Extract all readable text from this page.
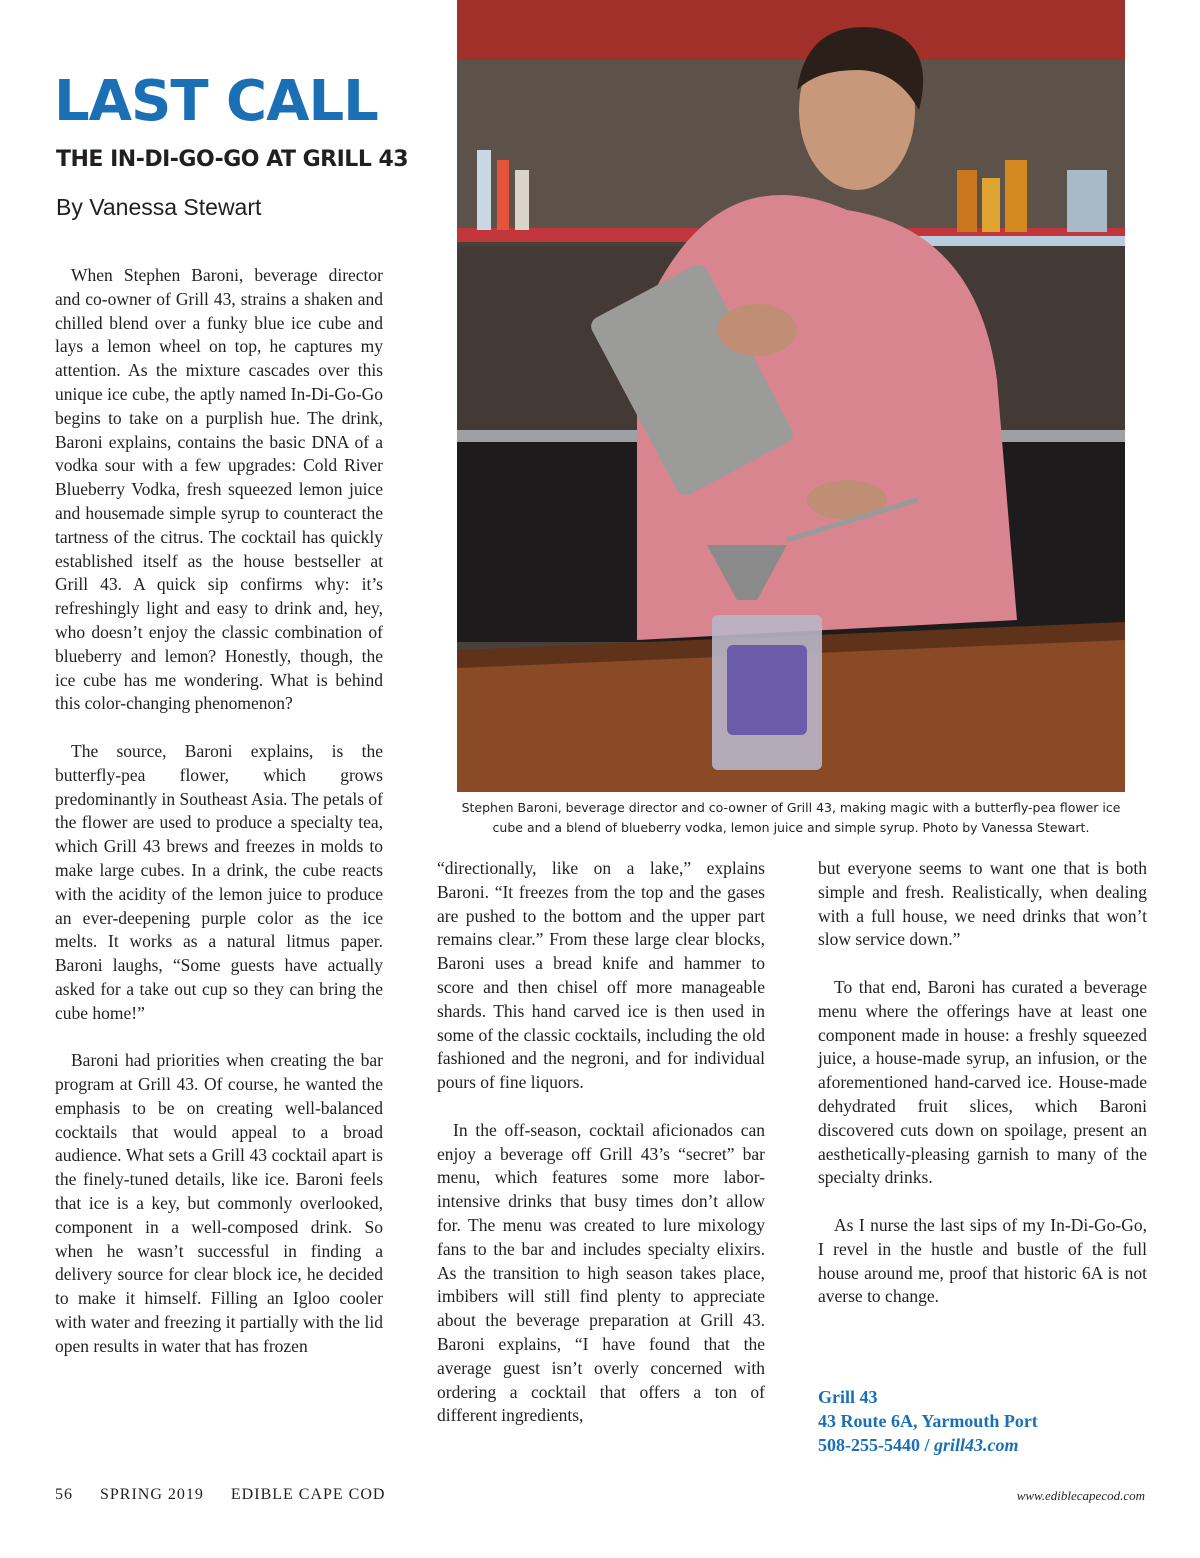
LAST CALL
THE IN-DI-GO-GO AT GRILL 43
By Vanessa Stewart
Stephen Baroni, beverage director and co-owner of Grill 43, making magic with a butterfly-pea flower ice
cube and a blend of blueberry vodka, lemon juice and simple syrup. Photo by Vanessa Stewart.

When Stephen Baroni, beverage director and co-owner of Grill 43, strains a shaken and chilled blend over a funky blue ice cube and lays a lemon wheel on top, he captures my attention. As the mixture cascades over this unique ice cube, the aptly named In-Di-Go-Go begins to take on a purplish hue. The drink, Baroni explains, contains the basic DNA of a vodka sour with a few upgrades: Cold River Blueberry Vodka, fresh squeezed lemon juice and housemade simple syrup to counteract the tartness of the citrus. The cocktail has quickly established itself as the house bestseller at Grill 43. A quick sip confirms why: it’s refreshingly light and easy to drink and, hey, who doesn’t enjoy the classic combination of blueberry and lemon? Honestly, though, the ice cube has me wondering. What is behind this color-changing phenomenon?

The source, Baroni explains, is the butterfly-pea flower, which grows predominantly in Southeast Asia. The petals of the flower are used to produce a specialty tea, which Grill 43 brews and freezes in molds to make large cubes. In a drink, the cube reacts with the acidity of the lemon juice to produce an ever-deepening purple color as the ice melts. It works as a natural litmus paper. Baroni laughs, “Some guests have actually asked for a take out cup so they can bring the cube home!”

Baroni had priorities when creating the bar program at Grill 43. Of course, he wanted the emphasis to be on creating well-balanced cocktails that would appeal to a broad audience. What sets a Grill 43 cocktail apart is the finely-tuned details, like ice. Baroni feels that ice is a key, but commonly overlooked, component in a well-composed drink. So when he wasn’t successful in finding a delivery source for clear block ice, he decided to make it himself. Filling an Igloo cooler with water and freezing it partially with the lid open results in water that has frozen

“directionally, like on a lake,” explains Baroni. “It freezes from the top and the gases are pushed to the bottom and the upper part remains clear.” From these large clear blocks, Baroni uses a bread knife and hammer to score and then chisel off more manageable shards. This hand carved ice is then used in some of the classic cocktails, including the old fashioned and the negroni, and for individual pours of fine liquors.

In the off-season, cocktail aficionados can enjoy a beverage off Grill 43’s “secret” bar menu, which features some more labor-intensive drinks that busy times don’t allow for. The menu was created to lure mixology fans to the bar and includes specialty elixirs. As the transition to high season takes place, imbibers will still find plenty to appreciate about the beverage preparation at Grill 43. Baroni explains, “I have found that the average guest isn’t overly concerned with ordering a cocktail that offers a ton of different ingredients,

but everyone seems to want one that is both simple and fresh. Realistically, when dealing with a full house, we need drinks that won’t slow service down.”

To that end, Baroni has curated a beverage menu where the offerings have at least one component made in house: a freshly squeezed juice, a house-made syrup, an infusion, or the aforementioned hand-carved ice. House-made dehydrated fruit slices, which Baroni discovered cuts down on spoilage, present an aesthetically-pleasing garnish to many of the specialty drinks.

As I nurse the last sips of my In-Di-Go-Go, I revel in the hustle and bustle of the full house around me, proof that historic 6A is not averse to change.

Grill 43
43 Route 6A, Yarmouth Port
508-255-5440 / grill43.com
56 SPRING 2019 EDIBLE CAPE COD	www.ediblecapecod.com
